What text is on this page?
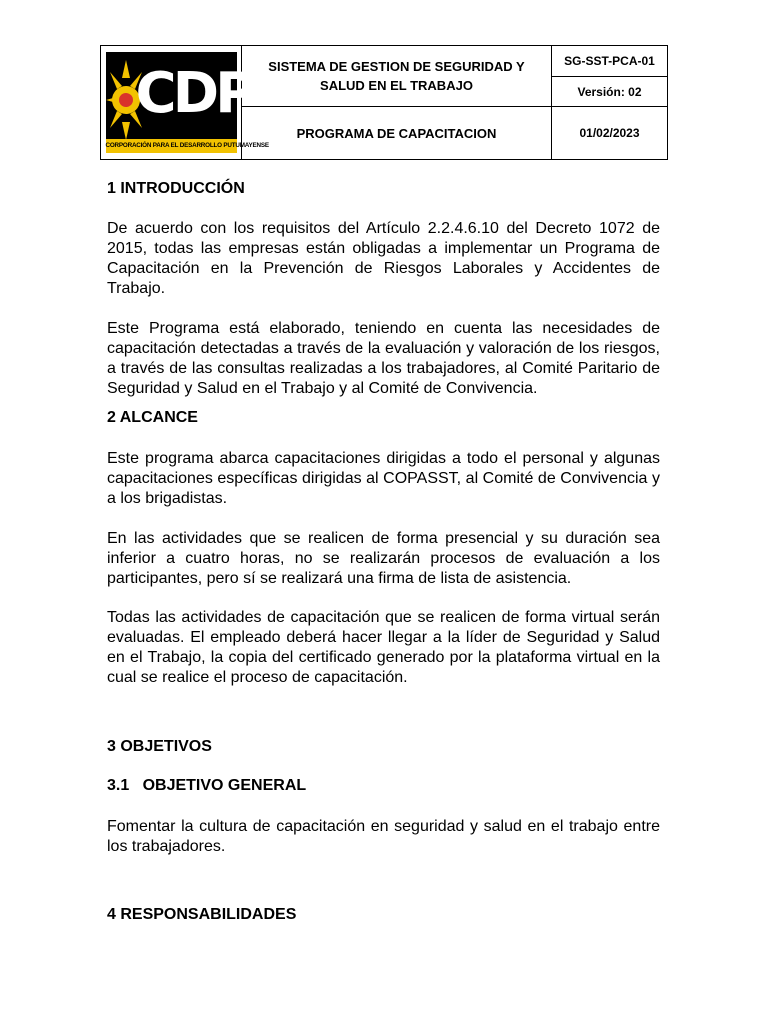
CDP
CORPORACIÓN PARA EL DESARROLLO PUTUMAYENSE
SISTEMA DE GESTION DE SEGURIDAD Y SALUD EN EL TRABAJO
SG-SST-PCA-01
Versión: 02
PROGRAMA DE CAPACITACION	01/02/2023
1 INTRODUCCIÓN
De acuerdo con los requisitos del Artículo 2.2.4.6.10 del Decreto 1072 de 2015, todas las empresas están obligadas a implementar un Programa de Capacitación en la Prevención de Riesgos Laborales y Accidentes de Trabajo.
Este Programa está elaborado, teniendo en cuenta las necesidades de capacitación detectadas a través de la evaluación y valoración de los riesgos, a través de las consultas realizadas a los trabajadores, al Comité Paritario de Seguridad y Salud en el Trabajo y al Comité de Convivencia.
2 ALCANCE
Este programa abarca capacitaciones dirigidas a todo el personal y algunas capacitaciones específicas dirigidas al COPASST, al Comité de Convivencia y a los brigadistas.
En las actividades que se realicen de forma presencial y su duración sea inferior a cuatro horas, no se realizarán procesos de evaluación a los participantes, pero sí se realizará una firma de lista de asistencia.
Todas las actividades de capacitación que se realicen de forma virtual serán evaluadas. El empleado deberá hacer llegar a la líder de Seguridad y Salud en el Trabajo, la copia del certificado generado por la plataforma virtual en la cual se realice el proceso de capacitación.
3 OBJETIVOS
3.1   OBJETIVO GENERAL
Fomentar la cultura de capacitación en seguridad y salud en el trabajo entre los trabajadores.
4 RESPONSABILIDADES
